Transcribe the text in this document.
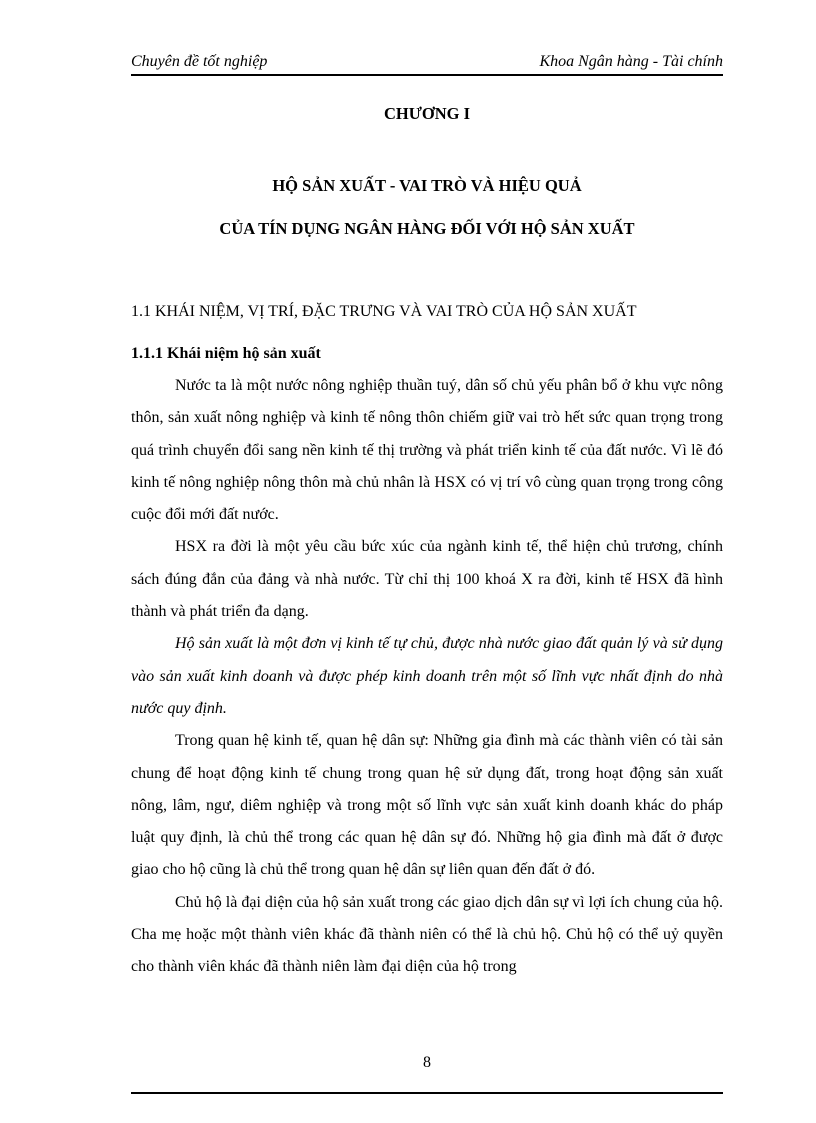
Chuyên đề tốt nghiệp	Khoa Ngân hàng - Tài chính
CHƯƠNG I
HỘ SẢN XUẤT - VAI TRÒ VÀ HIỆU QUẢ
CỦA TÍN DỤNG NGÂN HÀNG ĐỐI VỚI HỘ SẢN XUẤT
1.1 KHÁI NIỆM, VỊ TRÍ, ĐẶC TRƯNG VÀ VAI TRÒ CỦA HỘ SẢN XUẤT
1.1.1 Khái niệm hộ sản xuất

Nước ta là một nước nông nghiệp thuần tuý, dân số chủ yếu phân bổ ở khu vực nông thôn, sản xuất nông nghiệp và kinh tế nông thôn chiếm giữ vai trò hết sức quan trọng trong quá trình chuyển đổi sang nền kinh tế thị trường và phát triển kinh tế của đất nước. Vì lẽ đó kinh tế nông nghiệp nông thôn mà chủ nhân là HSX có vị trí vô cùng quan trọng trong công cuộc đổi mới đất nước.

HSX ra đời là một yêu cầu bức xúc của ngành kinh tế, thể hiện chủ trương, chính sách đúng đắn của đảng và nhà nước. Từ chỉ thị 100 khoá X ra đời, kinh tế HSX đã hình thành và phát triển đa dạng.

Hộ sản xuất là một đơn vị kinh tế tự chủ, được nhà nước giao đất quản lý và sử dụng vào sản xuất kinh doanh và được phép kinh doanh trên một số lĩnh vực nhất định do nhà nước quy định.

Trong quan hệ kinh tế, quan hệ dân sự: Những gia đình mà các thành viên có tài sản chung để hoạt động kinh tế chung trong quan hệ sử dụng đất, trong hoạt động sản xuất nông, lâm, ngư, diêm nghiệp và trong một số lĩnh vực sản xuất kinh doanh khác do pháp luật quy định, là chủ thể trong các quan hệ dân sự đó. Những hộ gia đình mà đất ở được giao cho hộ cũng là chủ thể trong quan hệ dân sự liên quan đến đất ở đó.

Chủ hộ là đại diện của hộ sản xuất trong các giao dịch dân sự vì lợi ích chung của hộ. Cha mẹ hoặc một thành viên khác đã thành niên có thể là chủ hộ. Chủ hộ có thể uỷ quyền cho thành viên khác đã thành niên làm đại diện của hộ trong

8
